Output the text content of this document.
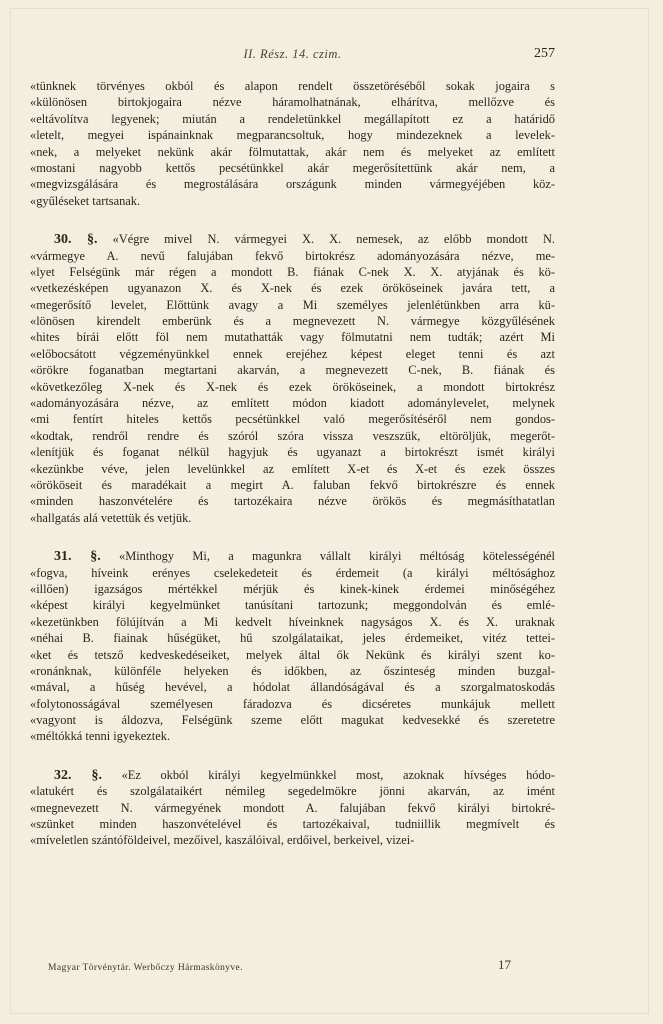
II. Rész. 14. czim.	257
«tünknek törvényes okból és alapon rendelt összetöréséből sokak jogaira s
«különösen birtokjogaira nézve háramolhatnának, elhárítva, mellőzve és
«eltávolítva legyenek; miután a rendeletünkkel megállapított ez a határidő
«letelt, megyei ispánainknak megparancsoltuk, hogy mindezeknek a levelek-
«nek, a melyeket nekünk akár fölmutattak, akár nem és melyeket az említett
«mostani nagyobb kettős pecsétünkkel akár megerősítettünk akár nem, a
«megvizsgálására és megrostálására országunk minden vármegyéjében köz-
«gyűléseket tartsanak.
30. §. «Végre mivel N. vármegyei X. X. nemesek, az előbb mondott N.
«vármegye A. nevű falujában fekvő birtokrész adományozására nézve, me-
«lyet Felségünk már régen a mondott B. fiának C-nek X. X. atyjának és kö-
«vetkezésképen ugyanazon X. és X-nek és ezek örököseinek javára tett, a
«megerősítő levelet, Előttünk avagy a Mi személyes jelenlétünkben arra kü-
«lönösen kirendelt emberünk és a megnevezett N. vármegye közgyűlésének
«hites bírái előtt föl nem mutathatták vagy fölmutatni nem tudták; azért Mi
«előbocsátott végzeményünkkel ennek erejéhez képest eleget tenni és azt
«örökre foganatban megtartani akarván, a megnevezett C-nek, B. fiának és
«következőleg X-nek és X-nek és ezek örököseinek, a mondott birtokrész
«adományozására nézve, az említett módon kiadott adománylevelet, melynek
«mi fentírt hiteles kettős pecsétünkkel való megerősítéséről nem gondos-
«kodtak, rendről rendre és szóról szóra vissza veszszük, eltöröljük, megerőt-
«lenítjük és foganat nélkül hagyjuk és ugyanazt a birtokrészt ismét királyi
«kezünkbe véve, jelen levelünkkel az említett X-et és X-et és ezek összes
«örököseit és maradékait a megirt A. faluban fekvő birtokrészre és ennek
«minden haszonvételére és tartozékaira nézve örökös és megmásíthatatlan
«hallgatás alá vetettük és vetjük.
31. §. «Minthogy Mi, a magunkra vállalt királyi méltóság kötelességénél
«fogva, híveink erényes cselekedeteit és érdemeit (a királyi méltósághoz
«illően) igazságos mértékkel mérjük és kinek-kinek érdemei minőségéhez
«képest királyi kegyelmünket tanúsítani tartozunk; meggondolván és emlé-
«kezetünkben fölújítván a Mi kedvelt híveinknek nagyságos X. és X. uraknak
«néhai B. fiainak hűségüket, hű szolgálataikat, jeles érdemeiket, vitéz tettei-
«ket és tetsző kedveskedéseiket, melyek által ők Nekünk és királyi szent ko-
«ronánknak, különféle helyeken és időkben, az őszinteség minden buzgal-
«mával, a hűség hevével, a hódolat állandóságával és a szorgalmatoskodás
«folytonosságával személyesen fáradozva és dicséretes munkájuk mellett
«vagyont is áldozva, Felségünk szeme előtt magukat kedvesekké és szeretetre
«méltókká tenni igyekeztek.
32. §. «Ez okból királyi kegyelmünkkel most, azoknak hívséges hódo-
«latukért és szolgálataikért némileg segedelmökre jönni akarván, az imént
«megnevezett N. vármegyének mondott A. falujában fekvő királyi birtokré-
«szünket minden haszonvételével és tartozékaival, tudniillik megmívelt és
«míveletlen szántóföldeivel, mezőivel, kaszálóival, erdőivel, berkeivel, vizei-
Magyar Törvénytár. Werbőczy Hármaskönyve.	17
